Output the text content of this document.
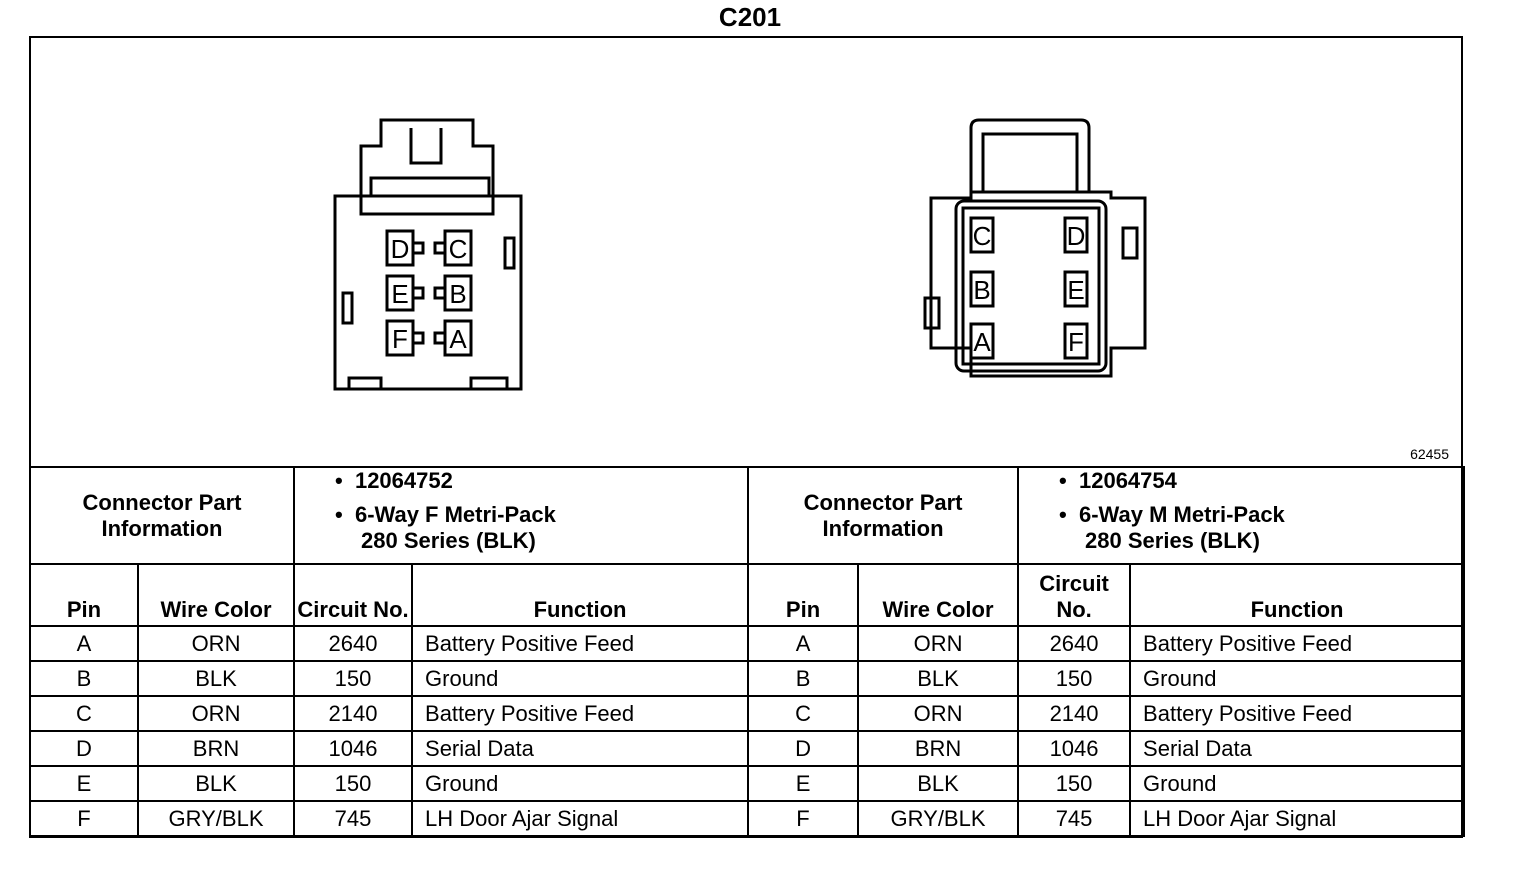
C201
D C
E B
F A
C	D
B	E
A	F
62455
Connector Part Information		•  12064752
•  6-Way F Metri-Pack
280 Series (BLK)		Connector Part Information		•  12064754
•  6-Way M Metri-Pack
280 Series (BLK)	

Pin	Wire Color	Circuit No.	Function	Pin	Wire Color	Circuit No.	Function
A	ORN	2640	Battery Positive Feed	A	ORN	2640	Battery Positive Feed
B	BLK	150	Ground	B	BLK	150	Ground
C	ORN	2140	Battery Positive Feed	C	ORN	2140	Battery Positive Feed
D	BRN	1046	Serial Data	D	BRN	1046	Serial Data
E	BLK	150	Ground	E	BLK	150	Ground
F	GRY/BLK	745	LH Door Ajar Signal	F	GRY/BLK	745	LH Door Ajar Signal
